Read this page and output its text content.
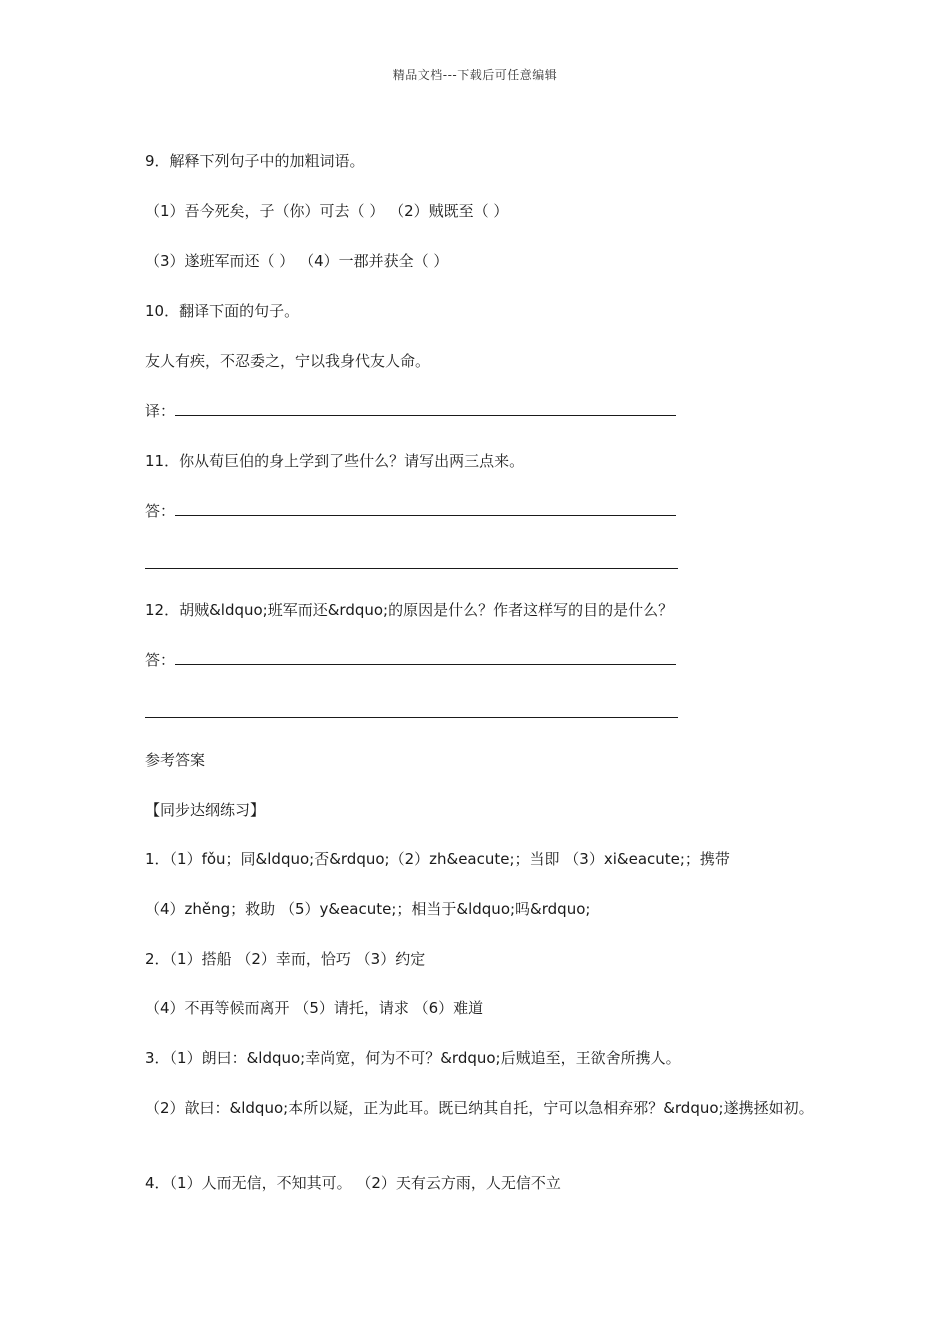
精品文档---下载后可任意编辑
9．解释下列句子中的加粗词语。
（1）吾今死矣，子（你）可去（ ） （2）贼既至（ ）
（3）遂班军而还（ ） （4）一郡并获全（ ）
10．翻译下面的句子。
友人有疾，不忍委之，宁以我身代友人命。
译：
11．你从荀巨伯的身上学到了些什么？请写出两三点来。
答：
12．胡贼&ldquo;班军而还&rdquo;的原因是什么？作者这样写的目的是什么？
答：
参考答案
【同步达纲练习】
1．（1）fǒu；同&ldquo;否&rdquo;（2）zh&eacute;；当即 （3）xi&eacute;；携带
（4）zhěng；救助 （5）y&eacute;；相当于&ldquo;吗&rdquo;
2．（1）搭船 （2）幸而，恰巧 （3）约定
（4）不再等候而离开 （5）请托，请求 （6）难道
3．（1）朗曰：&ldquo;幸尚宽，何为不可？&rdquo;后贼追至，王欲舍所携人。
（2）歆曰：&ldquo;本所以疑，正为此耳。既已纳其自托，宁可以急相弃邪？&rdquo;遂携拯如初。
4．（1）人而无信，不知其可。 （2）天有云方雨，人无信不立
